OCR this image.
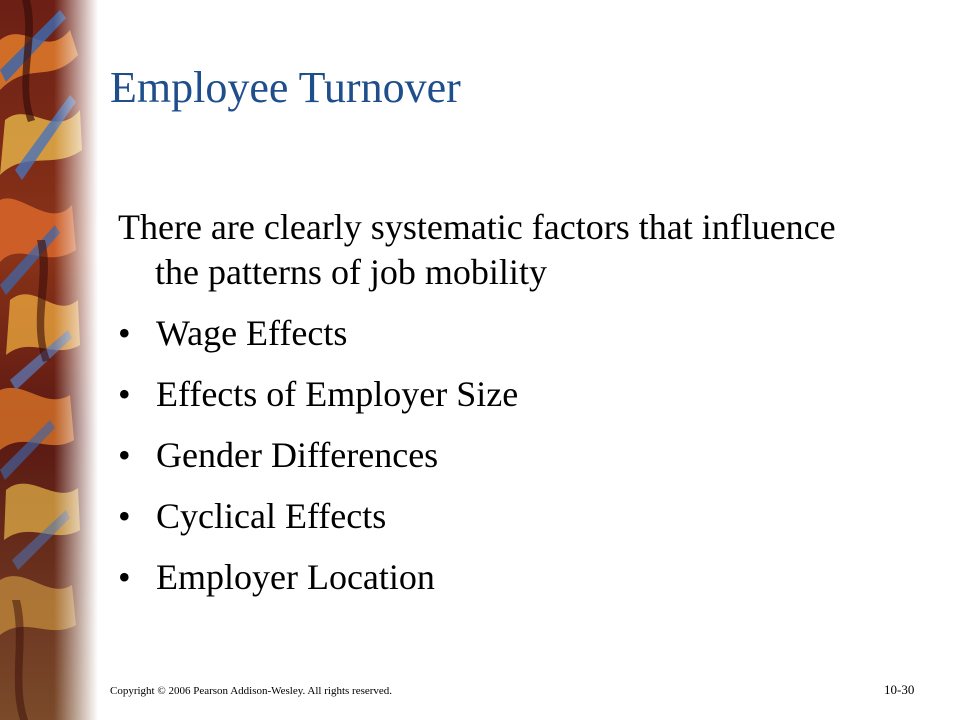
Employee Turnover

There are clearly systematic factors that influence the patterns of job mobility

• Wage Effects
• Effects of Employer Size
• Gender Differences
• Cyclical Effects
• Employer Location
Copyright © 2006 Pearson Addison-Wesley. All rights reserved.	10-30
